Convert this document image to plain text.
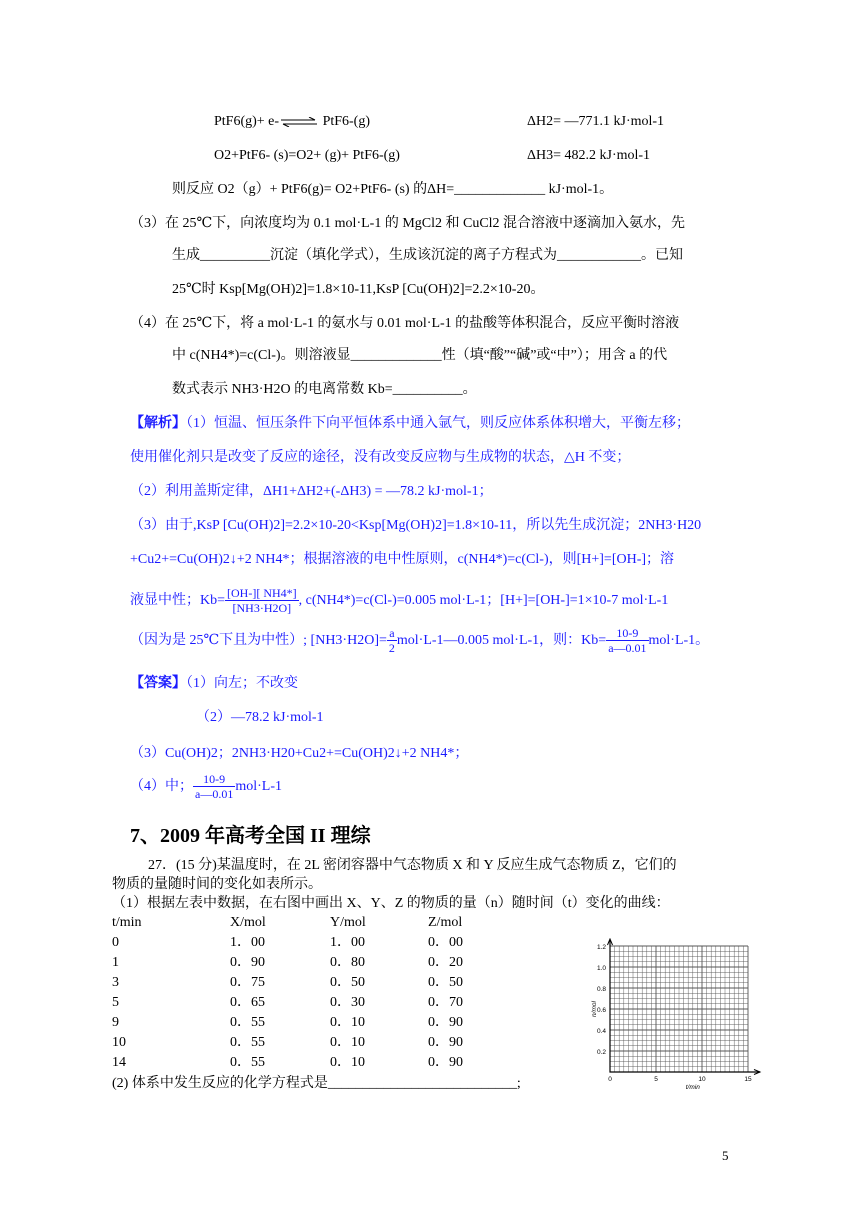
PtF6(g)+ e-⇌ PtF6-(g)	ΔH2= —771.1 kJ·mol-1
O2+PtF6- (s)=O2+ (g)+ PtF6-(g)	ΔH3= 482.2 kJ·mol-1
则反应 O2（g）+ PtF6(g)= O2+PtF6- (s) 的ΔH=_____________ kJ·mol-1。
（3）在 25℃下，向浓度均为 0.1 mol·L-1 的 MgCl2 和 CuCl2 混合溶液中逐滴加入氨水，先
生成__________沉淀（填化学式），生成该沉淀的离子方程式为____________。已知
25℃时 Ksp[Mg(OH)2]=1.8×10-11,KsP [Cu(OH)2]=2.2×10-20。
（4）在 25℃下，将 a mol·L-1 的氨水与 0.01 mol·L-1 的盐酸等体积混合，反应平衡时溶液
中 c(NH4*)=c(Cl-)。则溶液显_____________性（填“酸”“碱”或“中”）；用含 a 的代
数式表示 NH3·H2O 的电离常数 Kb=__________。
【解析】（1）恒温、恒压条件下向平恒体系中通入氩气，则反应体系体积增大，平衡左移；
使用催化剂只是改变了反应的途径，没有改变反应物与生成物的状态，△H 不变；
（2）利用盖斯定律，ΔH1+ΔH2+(-ΔH3) = —78.2 kJ·mol-1；
（3）由于,KsP [Cu(OH)2]=2.2×10-20<Ksp[Mg(OH)2]=1.8×10-11，所以先生成沉淀；2NH3·H20
+Cu2+=Cu(OH)2↓+2 NH4*；根据溶液的电中性原则，c(NH4*)=c(Cl-)，则[H+]=[OH-]；溶
液显中性；$Kb= \frac{[OH-][ NH4*]}{[NH3\cdot H2O]}$ , c(NH4*)=c(Cl-)=0.005 mol·L-1；[H+]=[OH-]=1×10-7 mol·L-1
（因为是 25℃下且为中性）; $[NH3\cdot H2O]= \frac{a}{2}$ mol·L-1—0.005 mol·L-1，则：$Kb= \frac{10-9}{a—0.01} mol\cdot L-1$。
【答案】（1）向左；不改变
（2）—78.2 kJ·mol-1
（3）Cu(OH)2；2NH3·H20+Cu2+=Cu(OH)2↓+2 NH4*；
（4）中； $\frac{10-9}{a—0.01} mol\cdot L-1$
7、2009 年高考全国 II 理综
27．(15 分)某温度时，在 2L 密闭容器中气态物质 X 和 Y 反应生成气态物质 Z，它们的
物质的量随时间的变化如表所示。
（1）根据左表中数据，在右图中画出 X、Y、Z 的物质的量（n）随时间（t）变化的曲线：
t/min	X/mol	Y/mol	Z/mol
0	1．00	1．00	0．00
1	0．90	0．80	0．20
3	0．75	0．50	0．50
5	0．65	0．30	0．70
9	0．55	0．10	0．90
10	0．55	0．10	0．90
14	0．55	0．10	0．90
(2) 体系中发生反应的化学方程式是___________________________;
1.2
1.0
0.8
0.6
0.4
0.2
0	5	10	15
n/mol
t/min
5
